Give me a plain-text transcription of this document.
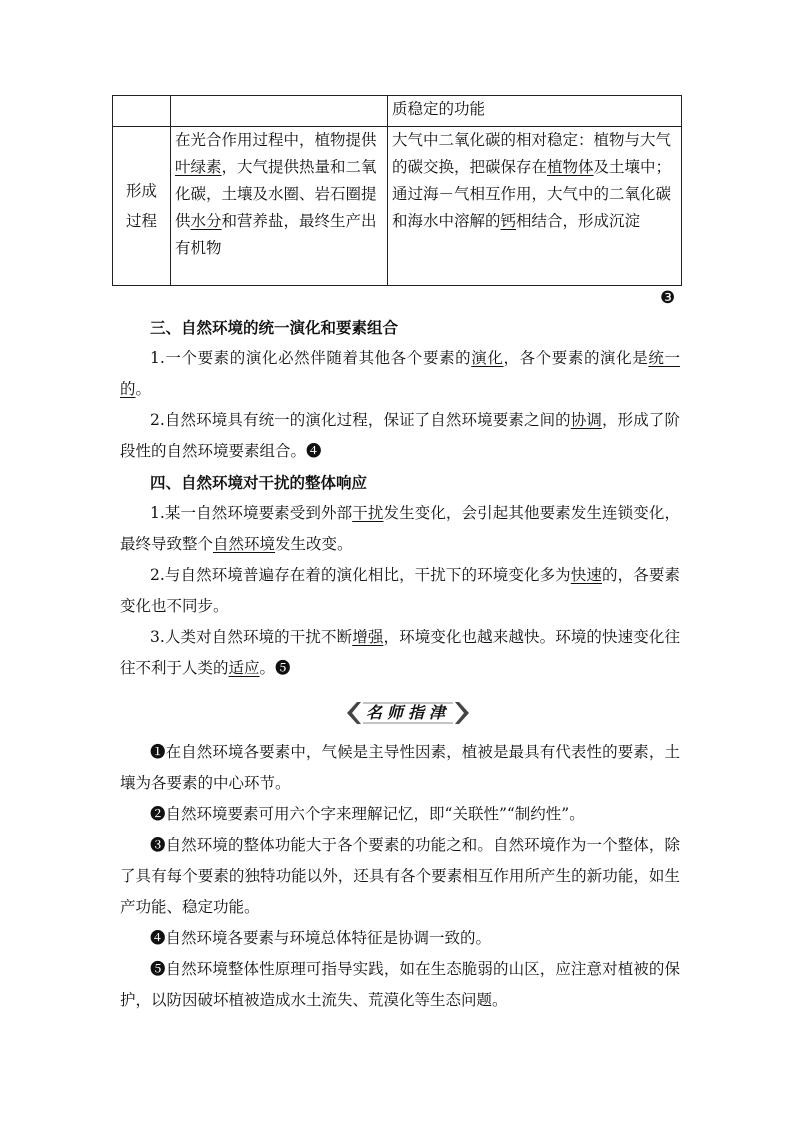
		质稳定的功能
形成过程	在光合作用过程中，植物提供叶绿素，大气提供热量和二氧化碳，土壤及水圈、岩石圈提供水分和营养盐，最终生产出有机物	大气中二氧化碳的相对稳定：植物与大气的碳交换，把碳保存在植物体及土壤中；通过海－气相互作用，大气中的二氧化碳和海水中溶解的钙相结合，形成沉淀
❸
三、自然环境的统一演化和要素组合
1.一个要素的演化必然伴随着其他各个要素的演化，各个要素的演化是统一的。
2.自然环境具有统一的演化过程，保证了自然环境要素之间的协调，形成了阶段性的自然环境要素组合。❹
四、自然环境对干扰的整体响应
1.某一自然环境要素受到外部干扰发生变化，会引起其他要素发生连锁变化，最终导致整个自然环境发生改变。
2.与自然环境普遍存在着的演化相比，干扰下的环境变化多为快速的，各要素变化也不同步。
3.人类对自然环境的干扰不断增强，环境变化也越来越快。环境的快速变化往往不利于人类的适应。❺
名师指津
❶在自然环境各要素中，气候是主导性因素，植被是最具有代表性的要素，土壤为各要素的中心环节。
❷自然环境要素可用六个字来理解记忆，即“关联性”“制约性”。
❸自然环境的整体功能大于各个要素的功能之和。自然环境作为一个整体，除了具有每个要素的独特功能以外，还具有各个要素相互作用所产生的新功能，如生产功能、稳定功能。
❹自然环境各要素与环境总体特征是协调一致的。
❺自然环境整体性原理可指导实践，如在生态脆弱的山区，应注意对植被的保护，以防因破坏植被造成水土流失、荒漠化等生态问题。
